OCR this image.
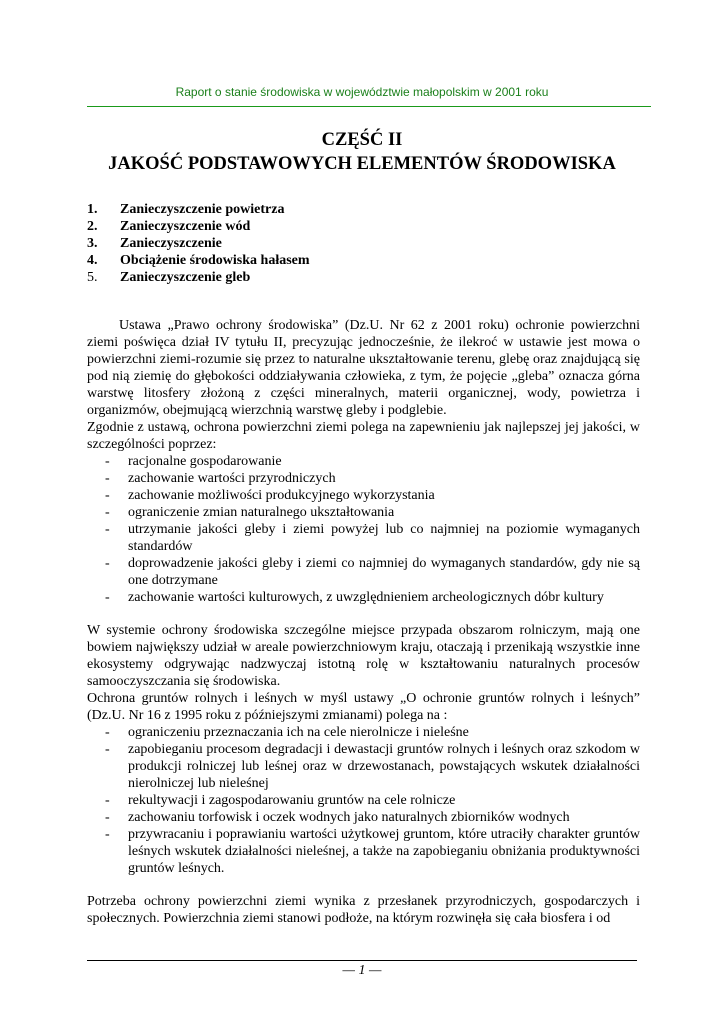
Raport o stanie środowiska w województwie małopolskim w 2001 roku
CZĘŚĆ II
JAKOŚĆ PODSTAWOWYCH ELEMENTÓW ŚRODOWISKA
1.	Zanieczyszczenie powietrza
2.	Zanieczyszczenie wód
3.	Zanieczyszczenie
4.	Obciążenie środowiska hałasem
5.	Zanieczyszczenie gleb

Ustawa „Prawo ochrony środowiska” (Dz.U. Nr 62 z 2001 roku) ochronie powierzchni ziemi poświęca dział IV tytułu II, precyzując jednocześnie, że ilekroć w ustawie jest mowa o powierzchni ziemi-rozumie się przez to naturalne ukształtowanie terenu, glebę oraz znajdującą się pod nią ziemię do głębokości oddziaływania człowieka, z tym, że pojęcie „gleba” oznacza górna warstwę litosfery złożoną z części mineralnych, materii organicznej, wody, powietrza i organizmów, obejmującą wierzchnią warstwę gleby i podglebie.

Zgodnie z ustawą, ochrona powierzchni ziemi polega na zapewnieniu jak najlepszej jej jakości, w szczególności poprzez:

- racjonalne gospodarowanie
- zachowanie wartości przyrodniczych
- zachowanie możliwości produkcyjnego wykorzystania
- ograniczenie zmian naturalnego ukształtowania
- utrzymanie jakości gleby i ziemi powyżej lub co najmniej na poziomie wymaganych standardów
- doprowadzenie jakości gleby i ziemi co najmniej do wymaganych standardów, gdy nie są one dotrzymane
- zachowanie wartości kulturowych, z uwzględnieniem archeologicznych dóbr kultury

W systemie ochrony środowiska szczególne miejsce przypada obszarom rolniczym, mają one bowiem największy udział w areale powierzchniowym kraju, otaczają i przenikają wszystkie inne ekosystemy odgrywając nadzwyczaj istotną rolę w kształtowaniu naturalnych procesów samooczyszczania się środowiska.

Ochrona gruntów rolnych i leśnych w myśl ustawy „O ochronie gruntów rolnych i leśnych” (Dz.U. Nr 16 z 1995 roku z późniejszymi zmianami) polega na :

- ograniczeniu przeznaczania ich na cele nierolnicze i nieleśne
- zapobieganiu procesom degradacji i dewastacji gruntów rolnych i leśnych oraz szkodom w produkcji rolniczej lub leśnej oraz w drzewostanach, powstających wskutek działalności nierolniczej lub nieleśnej
- rekultywacji i zagospodarowaniu gruntów na cele rolnicze
- zachowaniu torfowisk i oczek wodnych jako naturalnych zbiorników wodnych
- przywracaniu i poprawianiu wartości użytkowej gruntom, które utraciły charakter gruntów leśnych wskutek działalności nieleśnej, a także na zapobieganiu obniżania produktywności gruntów leśnych.

Potrzeba ochrony powierzchni ziemi wynika z przesłanek przyrodniczych, gospodarczych i społecznych. Powierzchnia ziemi stanowi podłoże, na którym rozwinęła się cała biosfera i od

— 1 —
